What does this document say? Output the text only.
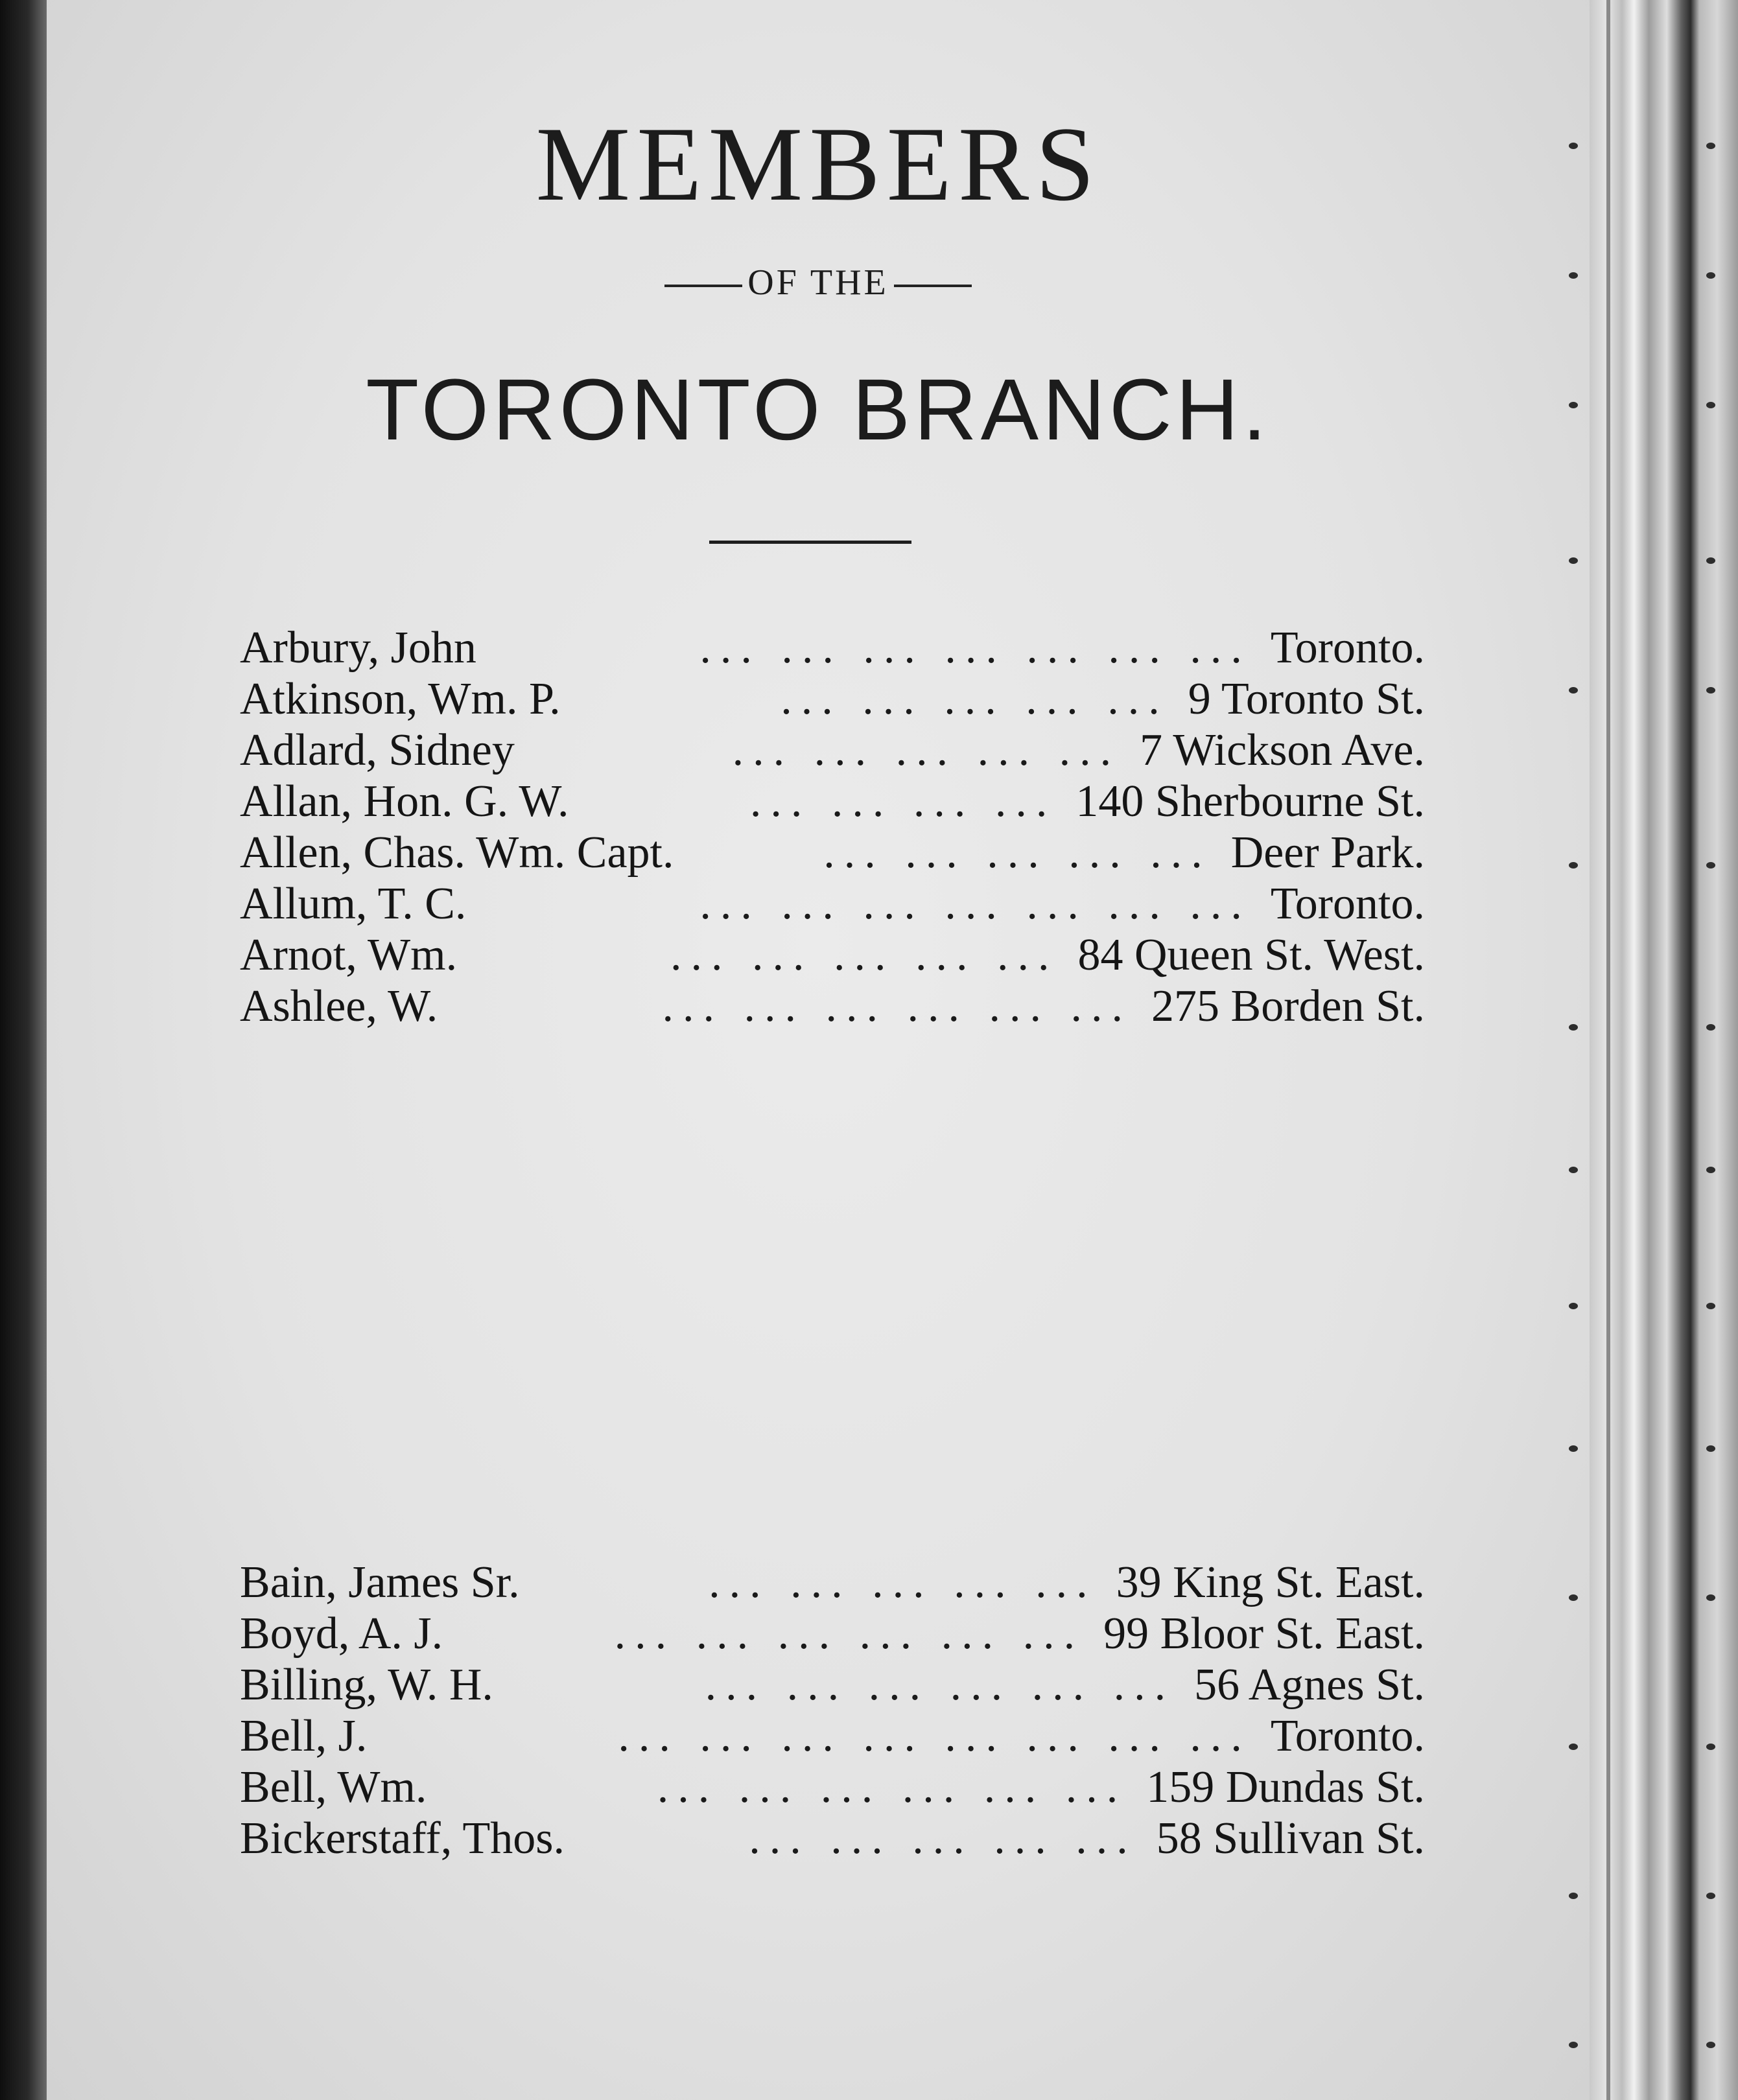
MEMBERS
OF THE
TORONTO BRANCH.
Arbury, John	Toronto.
... ... ... ... ... ... ...
Atkinson, Wm. P.	9 Toronto St.
... ... ... ... ...
Adlard, Sidney	7 Wickson Ave.
... ... ... ... ...
Allan, Hon. G. W.	140 Sherbourne St.
... ... ... ...
Allen, Chas. Wm. Capt.	Deer Park.
... ... ... ... ...
Allum, T. C.	Toronto.
... ... ... ... ... ... ...
Arnot, Wm.	84 Queen St. West.
... ... ... ... ...
Ashlee, W.	275 Borden St.
... ... ... ... ... ...
Bain, James Sr.	39 King St. East.
... ... ... ... ...
Boyd, A. J.	99 Bloor St. East.
... ... ... ... ... ...
Billing, W. H.	56 Agnes St.
... ... ... ... ... ...
Bell, J.	Toronto.
... ... ... ... ... ... ... ...
Bell, Wm.	159 Dundas St.
... ... ... ... ... ...
Bickerstaff, Thos.	58 Sullivan St.
... ... ... ... ...
